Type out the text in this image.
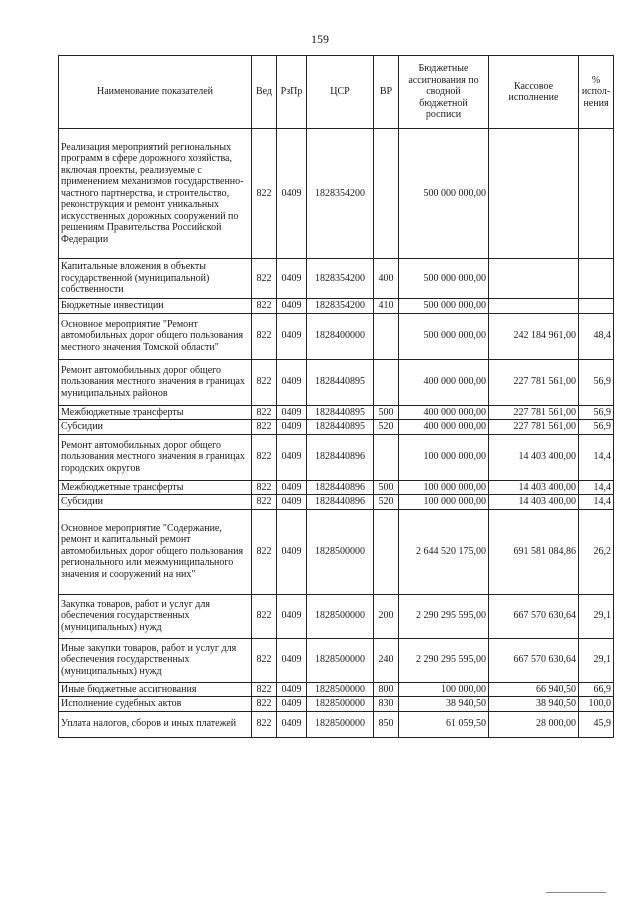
159
Наименование показателей	Вед	РзПр	ЦСР	ВР	Бюджетные ассигнования по сводной бюджетной росписи	Кассовое исполнение	% испол-нения
Реализация мероприятий региональных программ в сфере дорожного хозяйства, включая проекты, реализуемые с применением механизмов государственно-частного партнерства, и строительство, реконструкция и ремонт уникальных искусственных дорожных сооружений по решениям Правительства Российской Федерации	822	0409	1828354200		500 000 000,00		
Капитальные вложения в объекты государственной (муниципальной) собственности	822	0409	1828354200	400	500 000 000,00		
Бюджетные инвестиции	822	0409	1828354200	410	500 000 000,00		
Основное мероприятие "Ремонт автомобильных дорог общего пользования местного значения Томской области"	822	0409	1828400000		500 000 000,00	242 184 961,00	48,4
Ремонт автомобильных дорог общего пользования местного значения в границах муниципальных районов	822	0409	1828440895		400 000 000,00	227 781 561,00	56,9
Межбюджетные трансферты	822	0409	1828440895	500	400 000 000,00	227 781 561,00	56,9
Субсидии	822	0409	1828440895	520	400 000 000,00	227 781 561,00	56,9
Ремонт автомобильных дорог общего пользования местного значения в границах городских округов	822	0409	1828440896		100 000 000,00	14 403 400,00	14,4
Межбюджетные трансферты	822	0409	1828440896	500	100 000 000,00	14 403 400,00	14,4
Субсидии	822	0409	1828440896	520	100 000 000,00	14 403 400,00	14,4
Основное мероприятие "Содержание, ремонт и капитальный ремонт автомобильных дорог общего пользования регионального или межмуниципального значения и сооружений на них"	822	0409	1828500000		2 644 520 175,00	691 581 084,86	26,2
Закупка товаров, работ и услуг для обеспечения государственных (муниципальных) нужд	822	0409	1828500000	200	2 290 295 595,00	667 570 630,64	29,1
Иные закупки товаров, работ и услуг для обеспечения государственных (муниципальных) нужд	822	0409	1828500000	240	2 290 295 595,00	667 570 630,64	29,1
Иные бюджетные ассигнования	822	0409	1828500000	800	100 000,00	66 940,50	66,9
Исполнение судебных актов	822	0409	1828500000	830	38 940,50	38 940,50	100,0
Уплата налогов, сборов и иных платежей	822	0409	1828500000	850	61 059,50	28 000,00	45,9
